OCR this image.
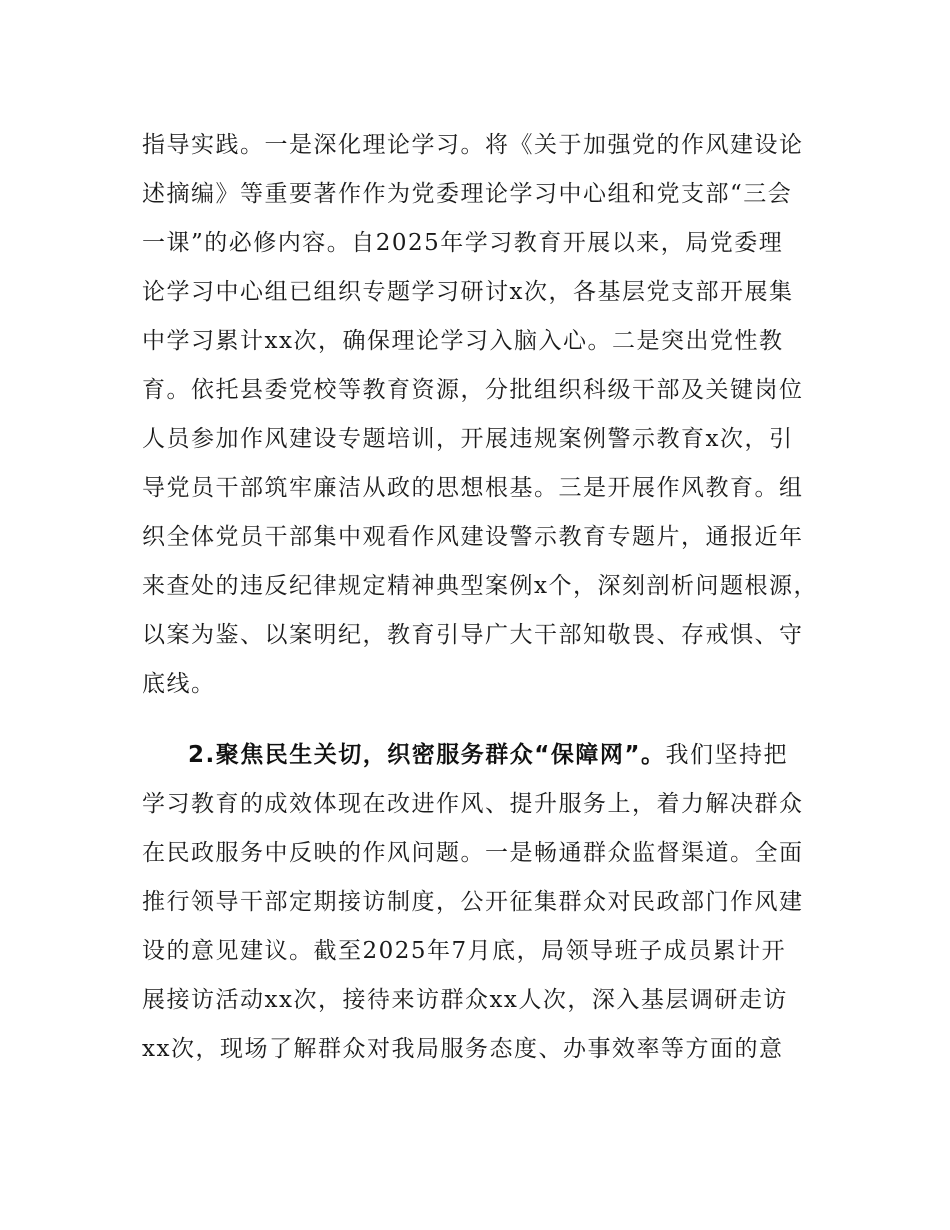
指导实践。一是深化理论学习。将《关于加强党的作风建设论
述摘编》等重要著作作为党委理论学习中心组和党支部“三会
一课”的必修内容。自2025年学习教育开展以来，局党委理
论学习中心组已组织专题学习研讨x次，各基层党支部开展集
中学习累计xx次，确保理论学习入脑入心。二是突出党性教
育。依托县委党校等教育资源，分批组织科级干部及关键岗位
人员参加作风建设专题培训，开展违规案例警示教育x次，引
导党员干部筑牢廉洁从政的思想根基。三是开展作风教育。组
织全体党员干部集中观看作风建设警示教育专题片，通报近年
来查处的违反纪律规定精神典型案例x个，深刻剖析问题根源，
以案为鉴、以案明纪，教育引导广大干部知敬畏、存戒惧、守
底线。
2.聚焦民生关切，织密服务群众“保障网”。我们坚持把
学习教育的成效体现在改进作风、提升服务上，着力解决群众
在民政服务中反映的作风问题。一是畅通群众监督渠道。全面
推行领导干部定期接访制度，公开征集群众对民政部门作风建
设的意见建议。截至2025年7月底，局领导班子成员累计开
展接访活动xx次，接待来访群众xx人次，深入基层调研走访
xx次，现场了解群众对我局服务态度、办事效率等方面的意
